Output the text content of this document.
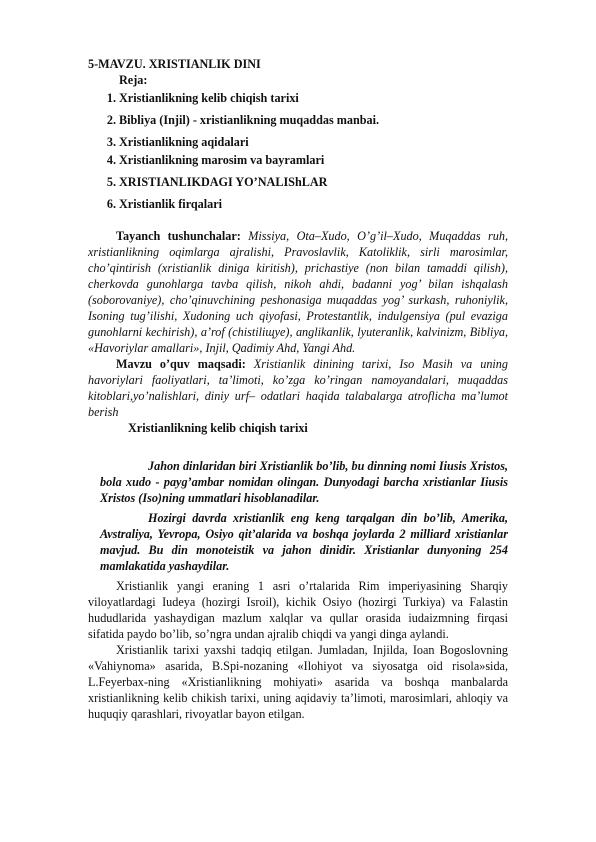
5-MAVZU. XRISTIANLIK DINI

Reja:

1. Xristianlikning kelib chiqish tarixi
2. Bibliya (Injil) - xristianlikning muqaddas manbai.
3. Xristianlikning aqidalari
4. Xristianlikning marosim va bayramlari
5. XRISTIANLIKDAGI YO’NALIShLAR
6. Xristianlik firqalari

Tayanch tushunchalar: Missiya, Ota–Xudo, O’g’il–Xudo, Muqaddas ruh, xristianlikning oqimlarga ajralishi, Pravoslavlik, Katoliklik, sirli marosimlar, cho’qintirish (xristianlik diniga kiritish), prichastiye (non bilan tamaddi qilish), cherkovda gunohlarga tavba qilish, nikoh ahdi, badanni yog’ bilan ishqalash (soborovaniye), cho’qinuvchining peshonasiga muqaddas yog’ surkash, ruhoniylik, Isoning tug’ilishi, Xudoning uch qiyofasi, Protestantlik, indulgensiya (pul evaziga gunohlarni kechirish), a’rof (chistiliщye), anglikanlik, lyuteranlik, kalvinizm, Bibliya, «Havoriylar amallari», Injil, Qadimiy Ahd, Yangi Ahd.

Mavzu o’quv maqsadi: Xristianlik dinining tarixi, Iso Masih va uning havoriylari faoliyatlari, ta’limoti, ko’zga ko’ringan namoyandalari, muqaddas kitoblari,yo’nalishlari, diniy urf– odatlari haqida talabalarga atroflicha ma’lumot berish

Xristianlikning kelib chiqish tarixi

Jahon dinlaridan biri Xristianlik bo’lib, bu dinning nomi Iiusis Xristos, bola xudo - payg’ambar nomidan olingan. Dunyodagi barcha xristianlar Iiusis Xristos (Iso)ning ummatlari hisoblanadilar.

Hozirgi davrda xristianlik eng keng tarqalgan din bo’lib, Amerika, Avstraliya, Yevropa, Osiyo qit’alarida va boshqa joylarda 2 milliard xristianlar mavjud. Bu din monoteistik va jahon dinidir. Xristianlar dunyoning 254 mamlakatida yashaydilar.

Xristianlik yangi eraning 1 asri o’rtalarida Rim imperiyasining Sharqiy viloyatlardagi Iudeya (hozirgi Isroil), kichik Osiyo (hozirgi Turkiya) va Falastin hududlarida yashaydigan mazlum xalqlar va qullar orasida iudaizmning firqasi sifatida paydo bo’lib, so’ngra undan ajralib chiqdi va yangi dinga aylandi.

Xristianlik tarixi yaxshi tadqiq etilgan. Jumladan, Injilda, Ioan Bogoslovning «Vahiynoma» asarida, B.Spi-nozaning «Ilohiyot va siyosatga oid risola»sida, L.Feyerbax-ning «Xristianlikning mohiyati» asarida va boshqa manbalarda xristianlikning kelib chikish tarixi, uning aqidaviy ta’limoti, marosimlari, ahloqiy va huquqiy qarashlari, rivoyatlar bayon etilgan.
